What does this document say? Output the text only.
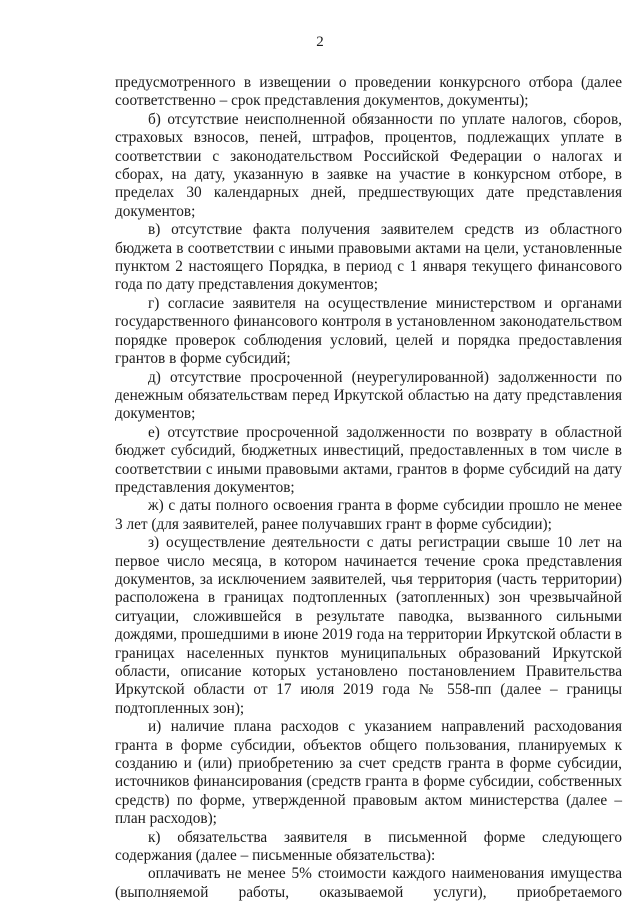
2

предусмотренного в извещении о проведении конкурсного отбора (далее соответственно – срок представления документов, документы);

б) отсутствие неисполненной обязанности по уплате налогов, сборов, страховых взносов, пеней, штрафов, процентов, подлежащих уплате в соответствии с законодательством Российской Федерации о налогах и сборах, на дату, указанную в заявке на участие в конкурсном отборе, в пределах 30 календарных дней, предшествующих дате представления документов;

в) отсутствие факта получения заявителем средств из областного бюджета в соответствии с иными правовыми актами на цели, установленные пунктом 2 настоящего Порядка, в период с 1 января текущего финансового года по дату представления документов;

г) согласие заявителя на осуществление министерством и органами государственного финансового контроля в установленном законодательством порядке проверок соблюдения условий, целей и порядка предоставления грантов в форме субсидий;

д) отсутствие просроченной (неурегулированной) задолженности по денежным обязательствам перед Иркутской областью на дату представления документов;

е) отсутствие просроченной задолженности по возврату в областной бюджет субсидий, бюджетных инвестиций, предоставленных в том числе в соответствии с иными правовыми актами, грантов в форме субсидий на дату представления документов;

ж) с даты полного освоения гранта в форме субсидии прошло не менее 3 лет (для заявителей, ранее получавших грант в форме субсидии);

з) осуществление деятельности с даты регистрации свыше 10 лет на первое число месяца, в котором начинается течение срока представления документов, за исключением заявителей, чья территория (часть территории) расположена в границах подтопленных (затопленных) зон чрезвычайной ситуации, сложившейся в результате паводка, вызванного сильными дождями, прошедшими в июне 2019 года на территории Иркутской области в границах населенных пунктов муниципальных образований Иркутской области, описание которых установлено постановлением Правительства Иркутской области от 17 июля 2019 года № 558-пп (далее – границы подтопленных зон);

и) наличие плана расходов с указанием направлений расходования гранта в форме субсидии, объектов общего пользования, планируемых к созданию и (или) приобретению за счет средств гранта в форме субсидии, источников финансирования (средств гранта в форме субсидии, собственных средств) по форме, утвержденной правовым актом министерства (далее – план расходов);

к) обязательства заявителя в письменной форме следующего содержания (далее – письменные обязательства):

оплачивать не менее 5% стоимости каждого наименования имущества (выполняемой работы, оказываемой услуги), приобретаемого
